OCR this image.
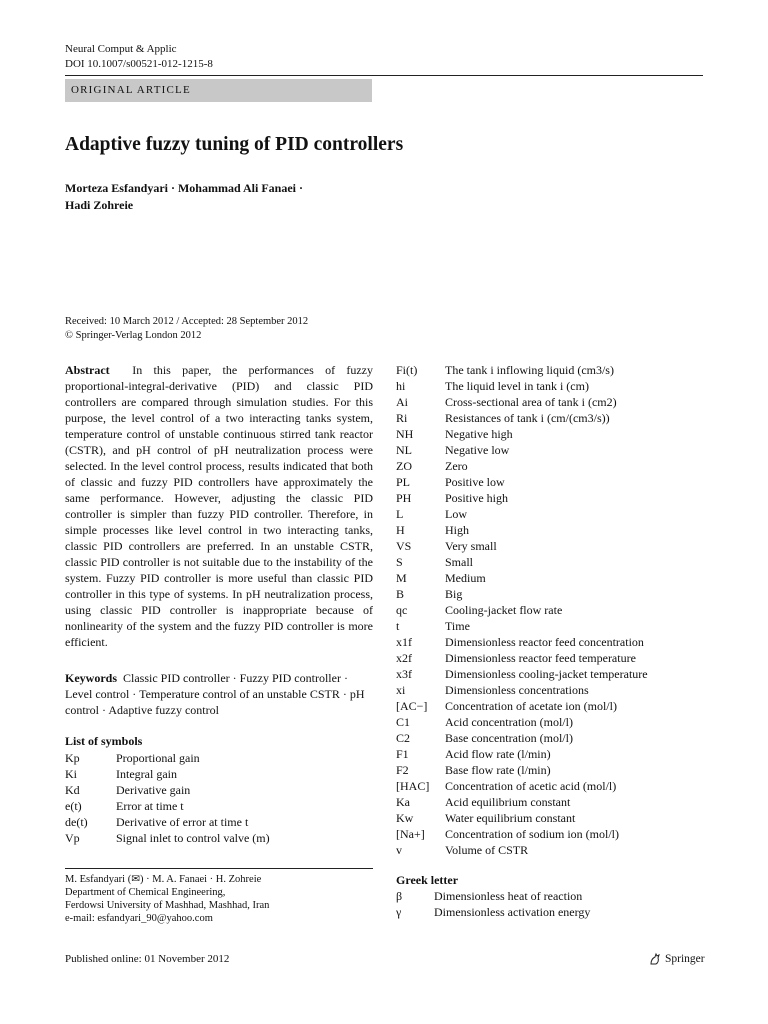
Neural Comput & Applic
DOI 10.1007/s00521-012-1215-8
ORIGINAL ARTICLE
Adaptive fuzzy tuning of PID controllers
Morteza Esfandyari · Mohammad Ali Fanaei ·
Hadi Zohreie
Received: 10 March 2012 / Accepted: 28 September 2012
© Springer-Verlag London 2012
Abstract In this paper, the performances of fuzzy proportional-integral-derivative (PID) and classic PID controllers are compared through simulation studies. For this purpose, the level control of a two interacting tanks system, temperature control of unstable continuous stirred tank reactor (CSTR), and pH control of pH neutralization process were selected. In the level control process, results indicated that both of classic and fuzzy PID controllers have approximately the same performance. However, adjusting the classic PID controller is simpler than fuzzy PID controller. Therefore, in simple processes like level control in two interacting tanks, classic PID controllers are preferred. In an unstable CSTR, classic PID controller is not suitable due to the instability of the system. Fuzzy PID controller is more useful than classic PID controller in this type of systems. In pH neutralization process, using classic PID controller is inappropriate because of nonlinearity of the system and the fuzzy PID controller is more efficient.
Keywords Classic PID controller · Fuzzy PID controller · Level control · Temperature control of an unstable CSTR · pH control · Adaptive fuzzy control
List of symbols
Kp	Proportional gain
Ki	Integral gain
Kd	Derivative gain
e(t)	Error at time t
de(t)	Derivative of error at time t
Vp	Signal inlet to control valve (m)
Fi(t)	The tank i inflowing liquid (cm3/s)
hi	The liquid level in tank i (cm)
Ai	Cross-sectional area of tank i (cm2)
Ri	Resistances of tank i (cm/(cm3/s))
NH	Negative high
NL	Negative low
ZO	Zero
PL	Positive low
PH	Positive high
L	Low
H	High
VS	Very small
S	Small
M	Medium
B	Big
qc	Cooling-jacket flow rate
t	Time
x1f	Dimensionless reactor feed concentration
x2f	Dimensionless reactor feed temperature
x3f	Dimensionless cooling-jacket temperature
xi	Dimensionless concentrations
[AC−]	Concentration of acetate ion (mol/l)
C1	Acid concentration (mol/l)
C2	Base concentration (mol/l)
F1	Acid flow rate (l/min)
F2	Base flow rate (l/min)
[HAC]	Concentration of acetic acid (mol/l)
Ka	Acid equilibrium constant
Kw	Water equilibrium constant
[Na+]	Concentration of sodium ion (mol/l)
v	Volume of CSTR
M. Esfandyari (✉) · M. A. Fanaei · H. Zohreie
Department of Chemical Engineering,
Ferdowsi University of Mashhad, Mashhad, Iran
e-mail: esfandyari_90@yahoo.com
Greek letter
β	Dimensionless heat of reaction
γ	Dimensionless activation energy
Published online: 01 November 2012	Springer
